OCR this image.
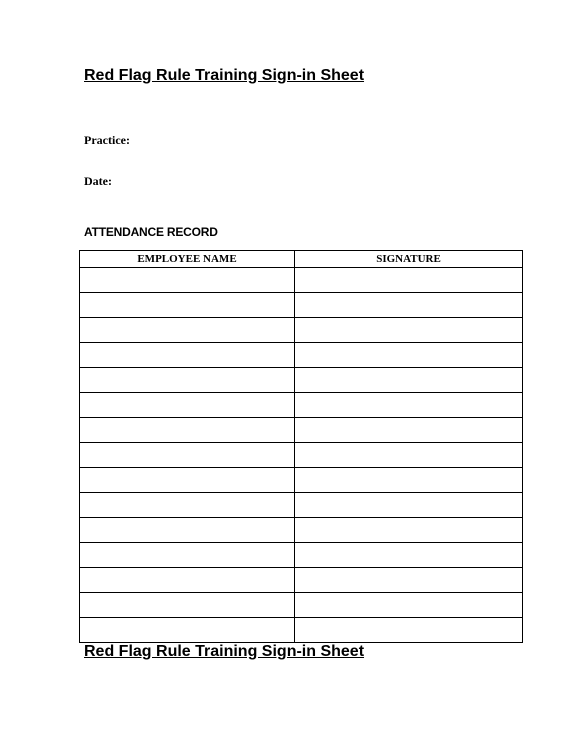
Red Flag Rule Training Sign-in Sheet
Practice:
Date:
ATTENDANCE RECORD
EMPLOYEE NAME	SIGNATURE

Red Flag Rule Training Sign-in Sheet
